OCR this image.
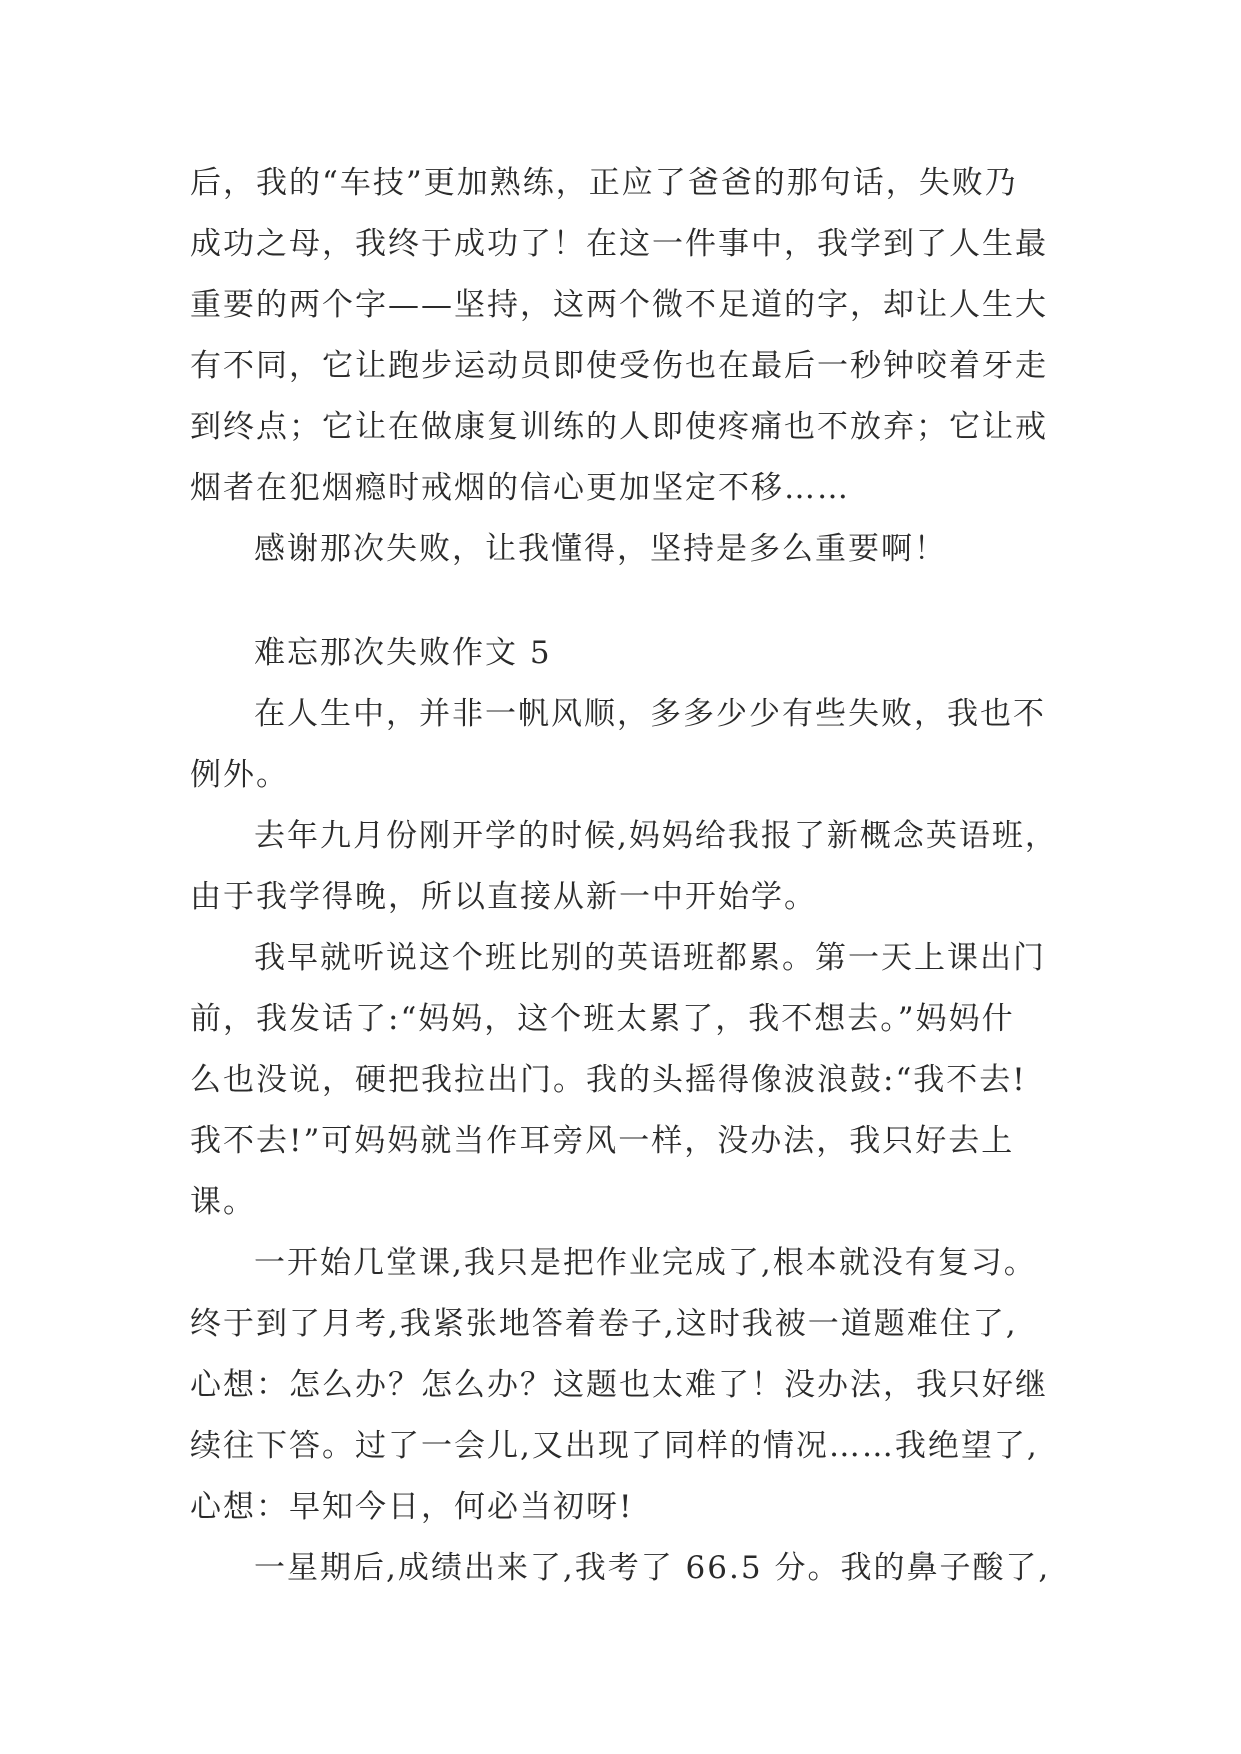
后，我的“车技”更加熟练，正应了爸爸的那句话，失败乃
成功之母，我终于成功了！在这一件事中，我学到了人生最
重要的两个字——坚持，这两个微不足道的字，却让人生大
有不同，它让跑步运动员即使受伤也在最后一秒钟咬着牙走
到终点；它让在做康复训练的人即使疼痛也不放弃；它让戒
烟者在犯烟瘾时戒烟的信心更加坚定不移……
感谢那次失败，让我懂得，坚持是多么重要啊！
难忘那次失败作文 5
在人生中，并非一帆风顺，多多少少有些失败，我也不
例外。
去年九月份刚开学的时候,妈妈给我报了新概念英语班，
由于我学得晚，所以直接从新一中开始学。
我早就听说这个班比别的英语班都累。第一天上课出门
前，我发话了:“妈妈，这个班太累了，我不想去。”妈妈什
么也没说，硬把我拉出门。我的头摇得像波浪鼓:“我不去!
我不去!”可妈妈就当作耳旁风一样，没办法，我只好去上
课。
一开始几堂课,我只是把作业完成了,根本就没有复习。
终于到了月考,我紧张地答着卷子,这时我被一道题难住了,
心想：怎么办？怎么办？这题也太难了！没办法，我只好继
续往下答。过了一会儿,又出现了同样的情况……我绝望了,
心想：早知今日，何必当初呀!
一星期后,成绩出来了,我考了 66.5 分。我的鼻子酸了,
